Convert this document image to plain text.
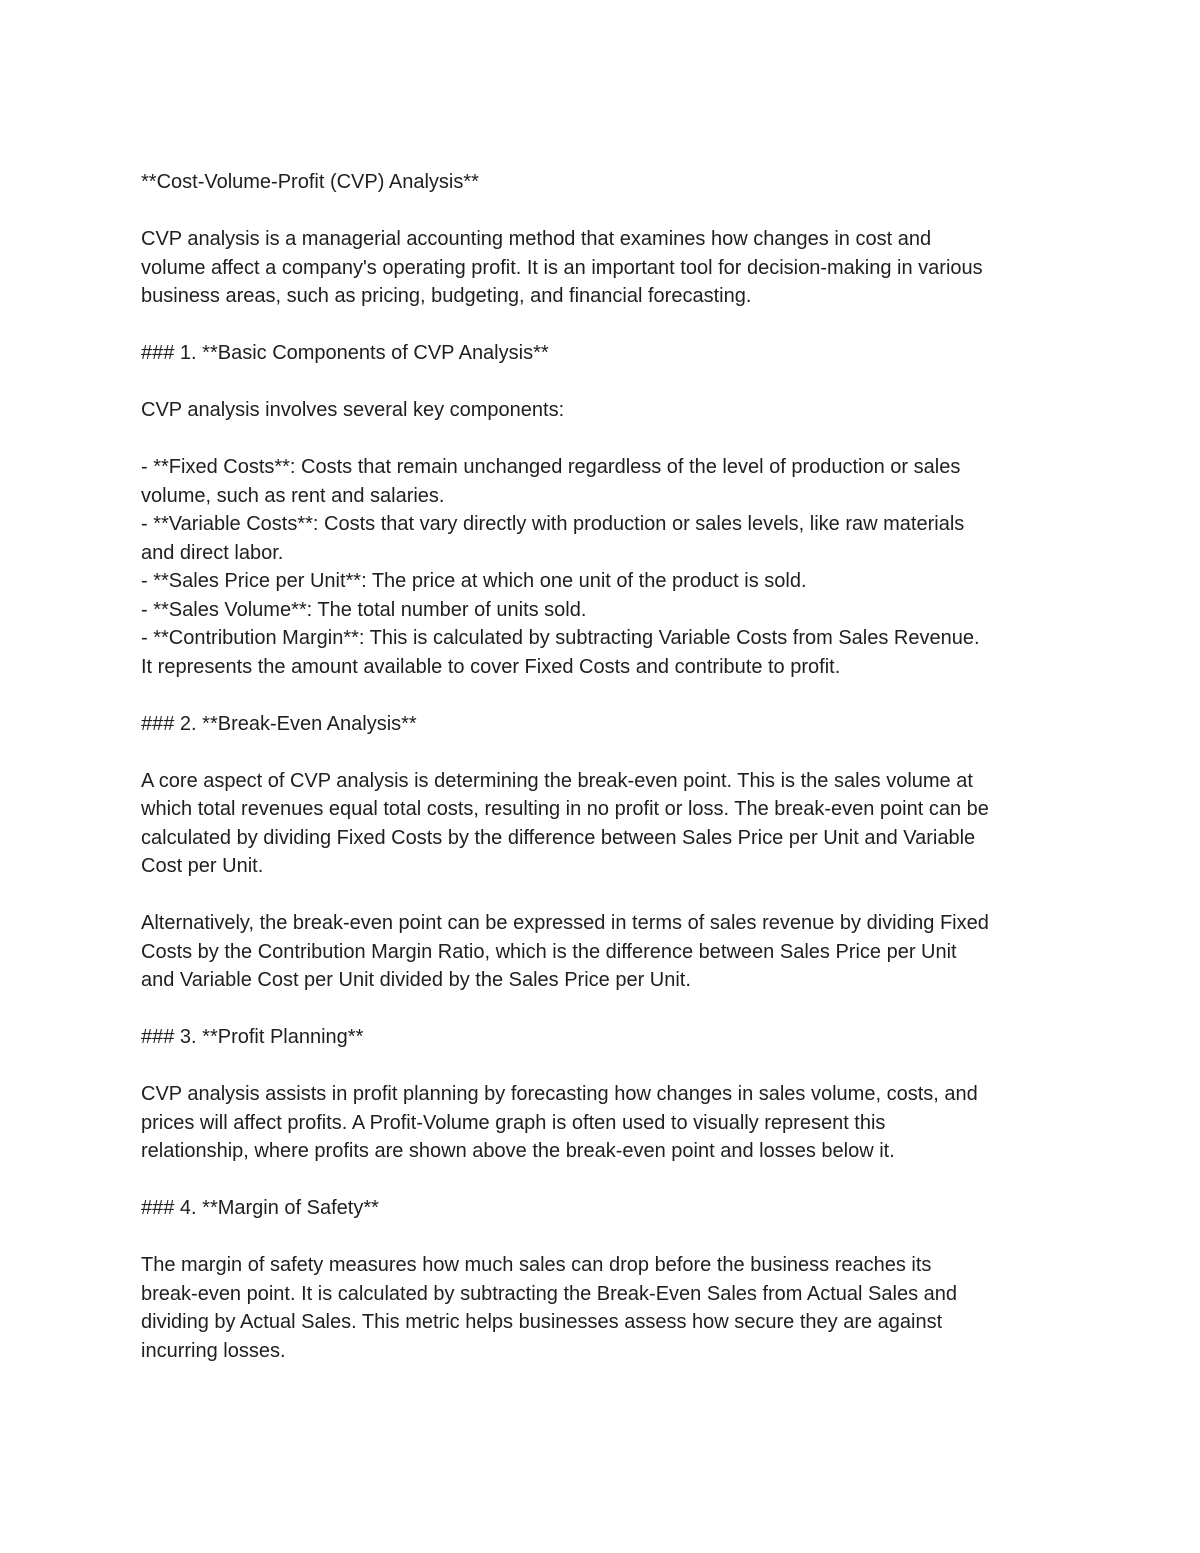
**Cost-Volume-Profit (CVP) Analysis**
CVP analysis is a managerial accounting method that examines how changes in cost and
volume affect a company's operating profit. It is an important tool for decision-making in various
business areas, such as pricing, budgeting, and financial forecasting.
### 1. **Basic Components of CVP Analysis**
CVP analysis involves several key components:
- **Fixed Costs**: Costs that remain unchanged regardless of the level of production or sales
volume, such as rent and salaries.
- **Variable Costs**: Costs that vary directly with production or sales levels, like raw materials
and direct labor.
- **Sales Price per Unit**: The price at which one unit of the product is sold.
- **Sales Volume**: The total number of units sold.
- **Contribution Margin**: This is calculated by subtracting Variable Costs from Sales Revenue.
It represents the amount available to cover Fixed Costs and contribute to profit.
### 2. **Break-Even Analysis**
A core aspect of CVP analysis is determining the break-even point. This is the sales volume at
which total revenues equal total costs, resulting in no profit or loss. The break-even point can be
calculated by dividing Fixed Costs by the difference between Sales Price per Unit and Variable
Cost per Unit.
Alternatively, the break-even point can be expressed in terms of sales revenue by dividing Fixed
Costs by the Contribution Margin Ratio, which is the difference between Sales Price per Unit
and Variable Cost per Unit divided by the Sales Price per Unit.
### 3. **Profit Planning**
CVP analysis assists in profit planning by forecasting how changes in sales volume, costs, and
prices will affect profits. A Profit-Volume graph is often used to visually represent this
relationship, where profits are shown above the break-even point and losses below it.
### 4. **Margin of Safety**
The margin of safety measures how much sales can drop before the business reaches its
break-even point. It is calculated by subtracting the Break-Even Sales from Actual Sales and
dividing by Actual Sales. This metric helps businesses assess how secure they are against
incurring losses.
